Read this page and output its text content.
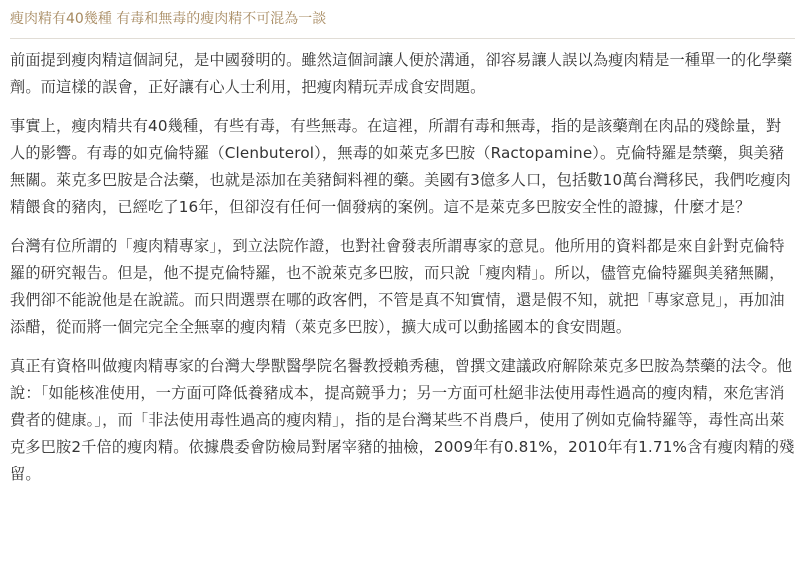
瘦肉精有40幾種 有毒和無毒的瘦肉精不可混為一談

前面提到瘦肉精這個詞兒，是中國發明的。雖然這個詞讓人便於溝通，卻容易讓人誤以為瘦肉精是一種單一的化學藥劑。而這樣的誤會，正好讓有心人士利用，把瘦肉精玩弄成食安問題。

事實上，瘦肉精共有40幾種，有些有毒，有些無毒。在這裡，所謂有毒和無毒，指的是該藥劑在肉品的殘餘量，對人的影響。有毒的如克倫特羅（Clenbuterol），無毒的如萊克多巴胺（Ractopamine）。克倫特羅是禁藥，與美豬無關。萊克多巴胺是合法藥，也就是添加在美豬飼料裡的藥。美國有3億多人口，包括數10萬台灣移民，我們吃瘦肉精餵食的豬肉，已經吃了16年，但卻沒有任何一個發病的案例。這不是萊克多巴胺安全性的證據，什麼才是？

台灣有位所謂的「瘦肉精專家」，到立法院作證，也對社會發表所謂專家的意見。他所用的資料都是來自針對克倫特羅的研究報告。但是，他不提克倫特羅，也不說萊克多巴胺，而只說「瘦肉精」。所以，儘管克倫特羅與美豬無關，我們卻不能說他是在說謊。而只問選票在哪的政客們，不管是真不知實情，還是假不知，就把「專家意見」，再加油添醋，從而將一個完完全全無辜的瘦肉精（萊克多巴胺），擴大成可以動搖國本的食安問題。

真正有資格叫做瘦肉精專家的台灣大學獸醫學院名譽教授賴秀穗，曾撰文建議政府解除萊克多巴胺為禁藥的法令。他說：「如能核准使用，一方面可降低養豬成本，提高競爭力；另一方面可杜絕非法使用毒性過高的瘦肉精，來危害消費者的健康。」，而「非法使用毒性過高的瘦肉精」，指的是台灣某些不肖農戶，使用了例如克倫特羅等，毒性高出萊克多巴胺2千倍的瘦肉精。依據農委會防檢局對屠宰豬的抽檢，2009年有0.81%，2010年有1.71%含有瘦肉精的殘留。
